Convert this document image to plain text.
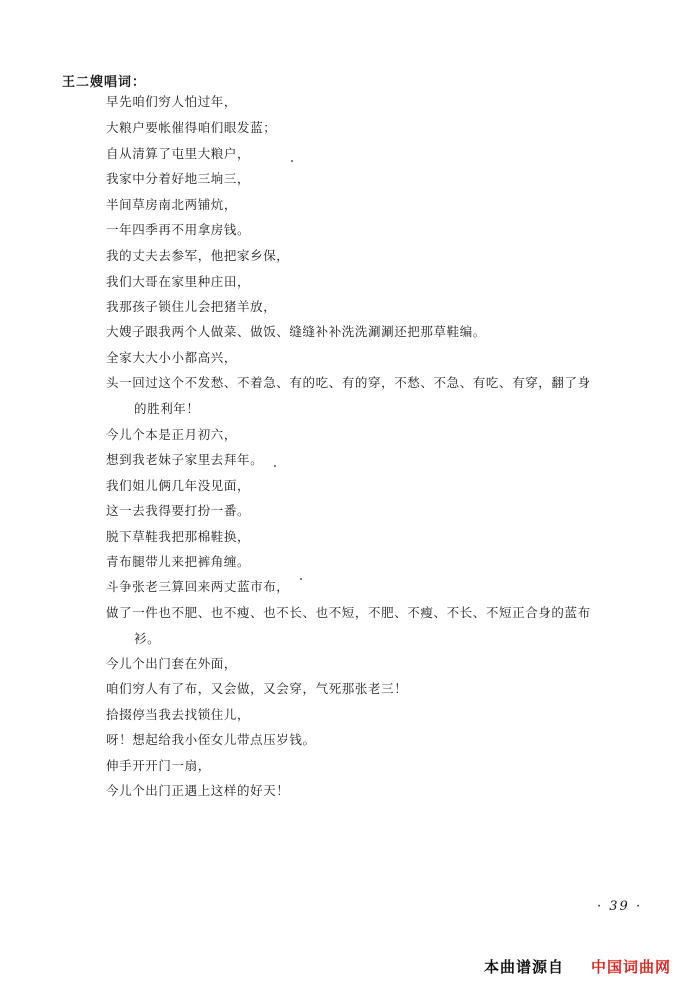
王二嫂唱词：
早先咱们穷人怕过年，
大粮户要帐催得咱们眼发蓝；
自从清算了屯里大粮户，
我家中分着好地三垧三，
半间草房南北两铺炕，
一年四季再不用拿房钱。
我的丈夫去参军，他把家乡保，
我们大哥在家里种庄田，
我那孩子锁住儿会把猪羊放，
大嫂子跟我两个人做菜、做饭、缝缝补补洗洗涮涮还把那草鞋编。
全家大大小小都高兴，
头一回过这个不发愁、不着急、有的吃、有的穿，不愁、不急、有吃、有穿，翻了身
的胜利年！
今儿个本是正月初六，
想到我老妹子家里去拜年。
我们姐儿俩几年没见面，
这一去我得要打扮一番。
脱下草鞋我把那棉鞋换，
青布腿带儿来把裤角缠。
斗争张老三算回来两丈蓝市布，
做了一件也不肥、也不瘦、也不长、也不短，不肥、不瘦、不长、不短正合身的蓝布
衫。
今儿个出门套在外面，
咱们穷人有了布，又会做，又会穿，气死那张老三！
拾掇停当我去找锁住儿，
呀！想起给我小侄女儿带点压岁钱。
伸手开开门一扇，
今儿个出门正遇上这样的好天！
· 39 ·
本曲谱源自 中国词曲网
